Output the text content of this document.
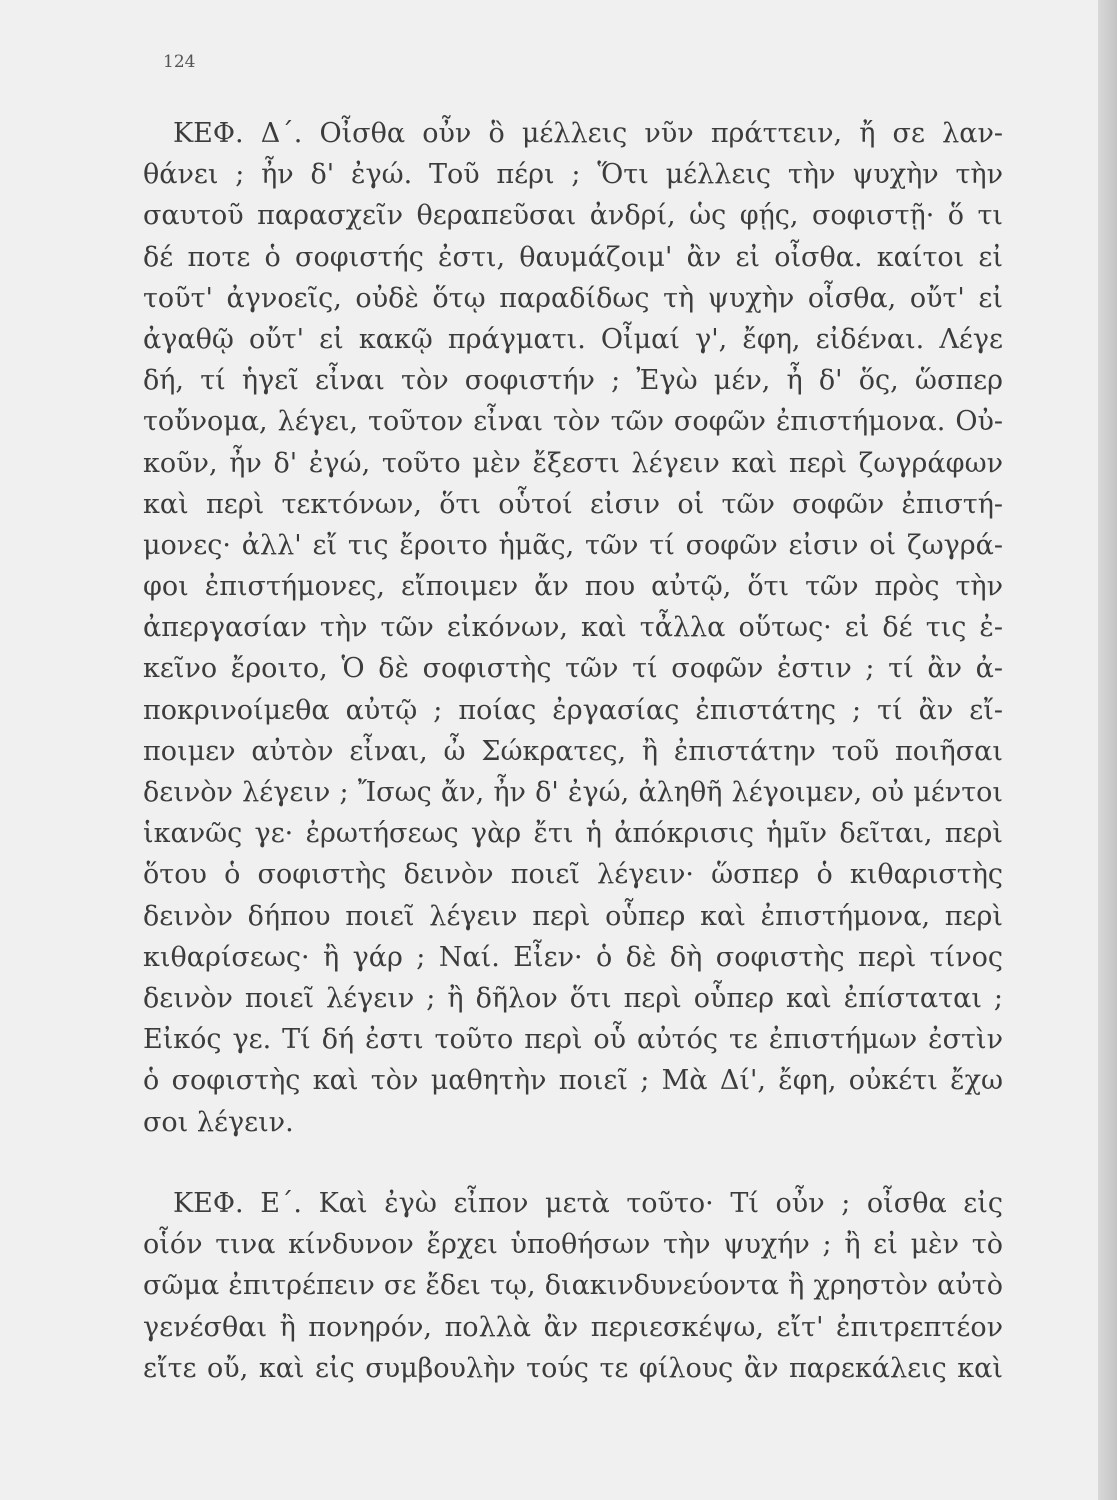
124
ΚΕΦ. Δ΄. Οἶσθα οὖν ὃ μέλλεις νῦν πράττειν, ἤ σε λαν-
θάνει ; ἦν δ' ἐγώ. Τοῦ πέρι ; Ὅτι μέλλεις τὴν ψυχὴν τὴν
σαυτοῦ παρασχεῖν θεραπεῦσαι ἀνδρί, ὡς φῄς, σοφιστῇ· ὅ τι
δέ ποτε ὁ σοφιστής ἐστι, θαυμάζοιμ' ἂν εἰ οἶσθα. καίτοι εἰ
τοῦτ' ἀγνοεῖς, οὐδὲ ὅτῳ παραδίδως τὴ ψυχὴν οἶσθα, οὔτ' εἰ
ἀγαθῷ οὔτ' εἰ κακῷ πράγματι. Οἶμαί γ', ἔφη, εἰδέναι. Λέγε
δή, τί ἡγεῖ εἶναι τὸν σοφιστήν ; Ἐγὼ μέν, ἦ δ' ὅς, ὥσπερ
τοὔνομα, λέγει, τοῦτον εἶναι τὸν τῶν σοφῶν ἐπιστήμονα. Οὐ-
κοῦν, ἦν δ' ἐγώ, τοῦτο μὲν ἔξεστι λέγειν καὶ περὶ ζωγράφων
καὶ περὶ τεκτόνων, ὅτι οὗτοί εἰσιν οἱ τῶν σοφῶν ἐπιστή-
μονες· ἀλλ' εἴ τις ἔροιτο ἡμᾶς, τῶν τί σοφῶν εἰσιν οἱ ζωγρά-
φοι ἐπιστήμονες, εἴποιμεν ἄν που αὐτῷ, ὅτι τῶν πρὸς τὴν
ἀπεργασίαν τὴν τῶν εἰκόνων, καὶ τἆλλα οὕτως· εἰ δέ τις ἐ-
κεῖνο ἔροιτο, Ὁ δὲ σοφιστὴς τῶν τί σοφῶν ἐστιν ; τί ἂν ἀ-
ποκρινοίμεθα αὐτῷ ; ποίας ἐργασίας ἐπιστάτης ; τί ἂν εἴ-
ποιμεν αὐτὸν εἶναι, ὦ Σώκρατες, ἢ ἐπιστάτην τοῦ ποιῆσαι
δεινὸν λέγειν ; Ἴσως ἄν, ἦν δ' ἐγώ, ἀληθῆ λέγοιμεν, οὐ μέντοι
ἱκανῶς γε· ἐρωτήσεως γὰρ ἔτι ἡ ἀπόκρισις ἡμῖν δεῖται, περὶ
ὅτου ὁ σοφιστὴς δεινὸν ποιεῖ λέγειν· ὥσπερ ὁ κιθαριστὴς
δεινὸν δήπου ποιεῖ λέγειν περὶ οὗπερ καὶ ἐπιστήμονα, περὶ
κιθαρίσεως· ἢ γάρ ; Ναί. Εἶεν· ὁ δὲ δὴ σοφιστὴς περὶ τίνος
δεινὸν ποιεῖ λέγειν ; ἢ δῆλον ὅτι περὶ οὗπερ καὶ ἐπίσταται ;
Εἰκός γε. Τί δή ἐστι τοῦτο περὶ οὗ αὐτός τε ἐπιστήμων ἐστὶν
ὁ σοφιστὴς καὶ τὸν μαθητὴν ποιεῖ ; Μὰ Δί', ἔφη, οὐκέτι ἔχω
σοι λέγειν.
ΚΕΦ. Ε΄. Καὶ ἐγὼ εἶπον μετὰ τοῦτο· Τί οὖν ; οἶσθα εἰς
οἷόν τινα κίνδυνον ἔρχει ὑποθήσων τὴν ψυχήν ; ἢ εἰ μὲν τὸ
σῶμα ἐπιτρέπειν σε ἔδει τῳ, διακινδυνεύοντα ἢ χρηστὸν αὐτὸ
γενέσθαι ἢ πονηρόν, πολλὰ ἂν περιεσκέψω, εἴτ' ἐπιτρεπτέον
εἴτε οὔ, καὶ εἰς συμβουλὴν τούς τε φίλους ἂν παρεκάλεις καὶ
